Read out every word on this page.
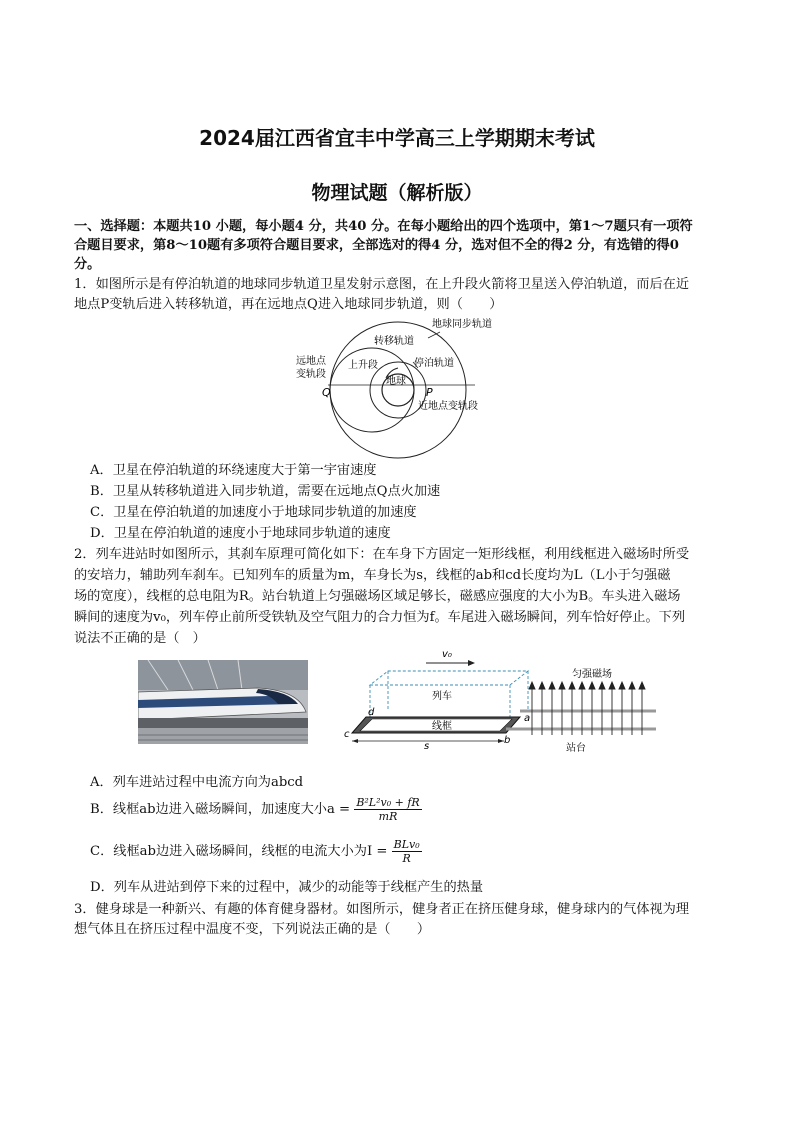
2024届江西省宜丰中学高三上学期期末考试
物理试题（解析版）
一、选择题：本题共10 小题，每小题4 分，共40 分。在每小题给出的四个选项中，第1～7题只有一项符
合题目要求，第8～10题有多项符合题目要求，全部选对的得4 分，选对但不全的得2 分，有选错的得0
分。
1．如图所示是有停泊轨道的地球同步轨道卫星发射示意图，在上升段火箭将卫星送入停泊轨道，而后在近
地点P变轨后进入转移轨道，再在远地点Q进入地球同步轨道，则（　　）
地球同步轨道
转移轨道
停泊轨道
上升段
地球
远地点
变轨段
Q	P
近地点变轨段
A．卫星在停泊轨道的环绕速度大于第一宇宙速度
B．卫星从转移轨道进入同步轨道，需要在远地点Q点火加速
C．卫星在停泊轨道的加速度小于地球同步轨道的加速度
D．卫星在停泊轨道的速度小于地球同步轨道的速度
2．列车进站时如图所示，其刹车原理可简化如下：在车身下方固定一矩形线框，利用线框进入磁场时所受
的安培力，辅助列车刹车。已知列车的质量为m，车身长为s，线框的ab和cd长度均为L（L小于匀强磁
场的宽度），线框的总电阻为R。站台轨道上匀强磁场区域足够长，磁感应强度的大小为B。车头进入磁场
瞬间的速度为v₀，列车停止前所受铁轨及空气阻力的合力恒为f。车尾进入磁场瞬间，列车恰好停止。下列
说法不正确的是（　）
v₀
列车
线框
d
c
b
a
s
匀强磁场
站台
A．列车进站过程中电流方向为abcd
B．线框ab边进入磁场瞬间，加速度大小$a = \frac{\text{B²L²v₀ + fR}}{mR}$
C．线框ab边进入磁场瞬间，线框的电流大小为$I = \frac{\text{BLv₀}}{R}$
D．列车从进站到停下来的过程中，减少的动能等于线框产生的热量
3．健身球是一种新兴、有趣的体育健身器材。如图所示，健身者正在挤压健身球，健身球内的气体视为理
想气体且在挤压过程中温度不变，下列说法正确的是（　　）
